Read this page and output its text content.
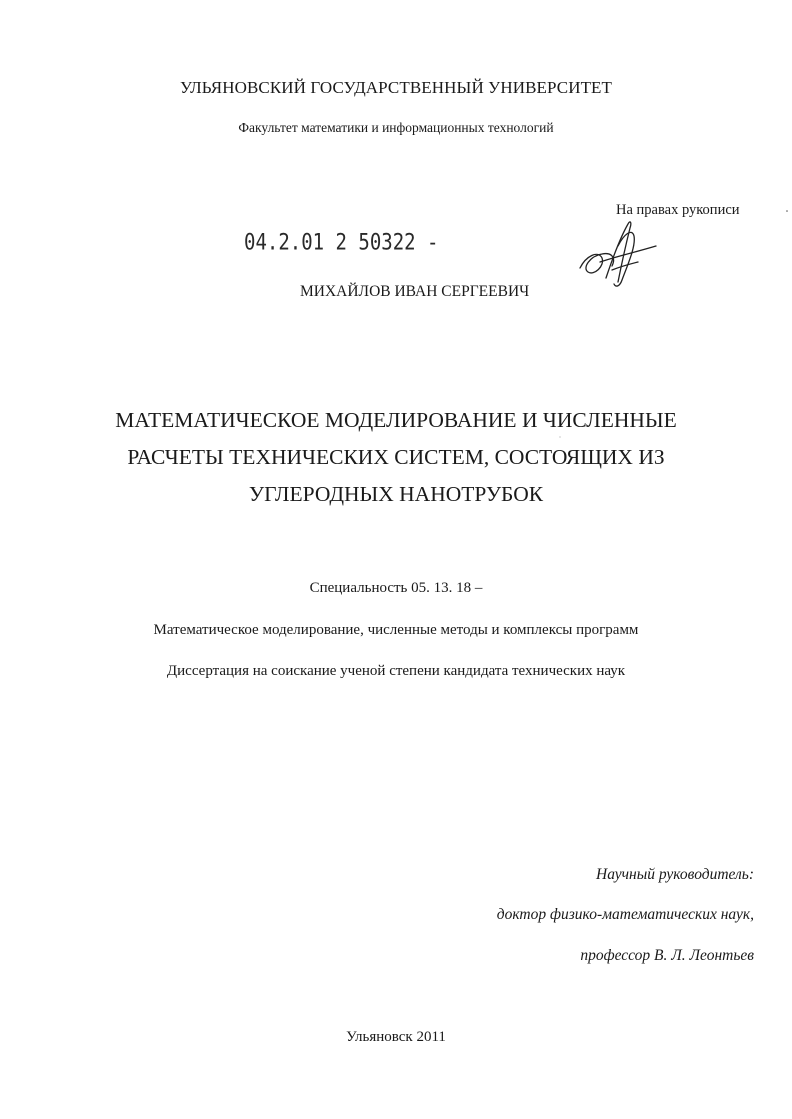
УЛЬЯНОВСКИЙ ГОСУДАРСТВЕННЫЙ УНИВЕРСИТЕТ
Факультет математики и информационных технологий
На правах рукописи
04.2.01 2 50322 -
МИХАЙЛОВ ИВАН СЕРГЕЕВИЧ
МАТЕМАТИЧЕСКОЕ МОДЕЛИРОВАНИЕ И ЧИСЛЕННЫЕ
РАСЧЕТЫ ТЕХНИЧЕСКИХ СИСТЕМ, СОСТОЯЩИХ ИЗ
УГЛЕРОДНЫХ НАНОТРУБОК
Специальность 05. 13. 18 –
Математическое моделирование, численные методы и комплексы программ
Диссертация на соискание ученой степени кандидата технических наук
Научный руководитель:
доктор физико-математических наук,
профессор В. Л. Леонтьев
Ульяновск 2011
